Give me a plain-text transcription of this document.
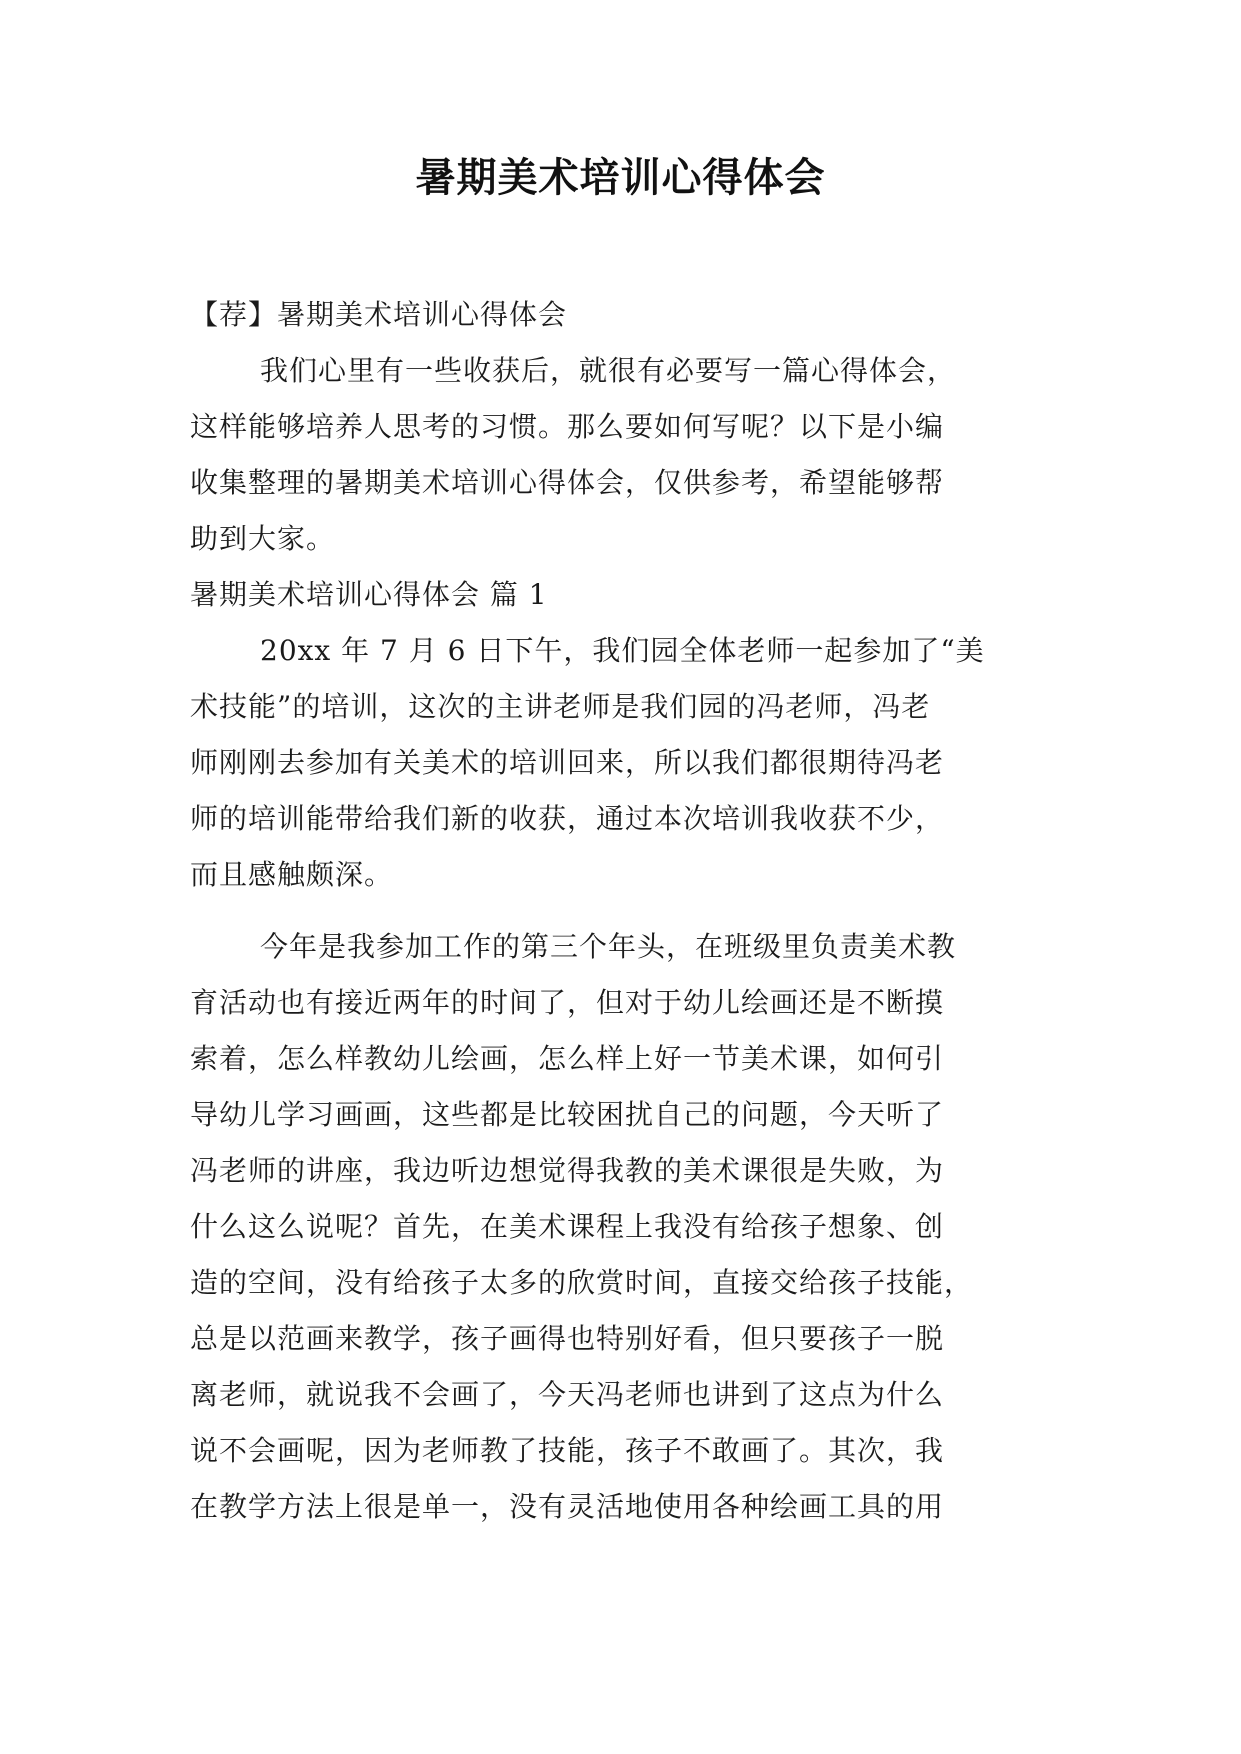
暑期美术培训心得体会
【荐】暑期美术培训心得体会
我们心里有一些收获后，就很有必要写一篇心得体会，
这样能够培养人思考的习惯。那么要如何写呢？以下是小编
收集整理的暑期美术培训心得体会，仅供参考，希望能够帮
助到大家。
暑期美术培训心得体会 篇 1
20xx 年 7 月 6 日下午，我们园全体老师一起参加了“美
术技能”的培训，这次的主讲老师是我们园的冯老师，冯老
师刚刚去参加有关美术的培训回来，所以我们都很期待冯老
师的培训能带给我们新的收获，通过本次培训我收获不少，
而且感触颇深。
今年是我参加工作的第三个年头，在班级里负责美术教
育活动也有接近两年的时间了，但对于幼儿绘画还是不断摸
索着，怎么样教幼儿绘画，怎么样上好一节美术课，如何引
导幼儿学习画画，这些都是比较困扰自己的问题，今天听了
冯老师的讲座，我边听边想觉得我教的美术课很是失败，为
什么这么说呢？首先，在美术课程上我没有给孩子想象、创
造的空间，没有给孩子太多的欣赏时间，直接交给孩子技能，
总是以范画来教学，孩子画得也特别好看，但只要孩子一脱
离老师，就说我不会画了，今天冯老师也讲到了这点为什么
说不会画呢，因为老师教了技能，孩子不敢画了。其次，我
在教学方法上很是单一，没有灵活地使用各种绘画工具的用
